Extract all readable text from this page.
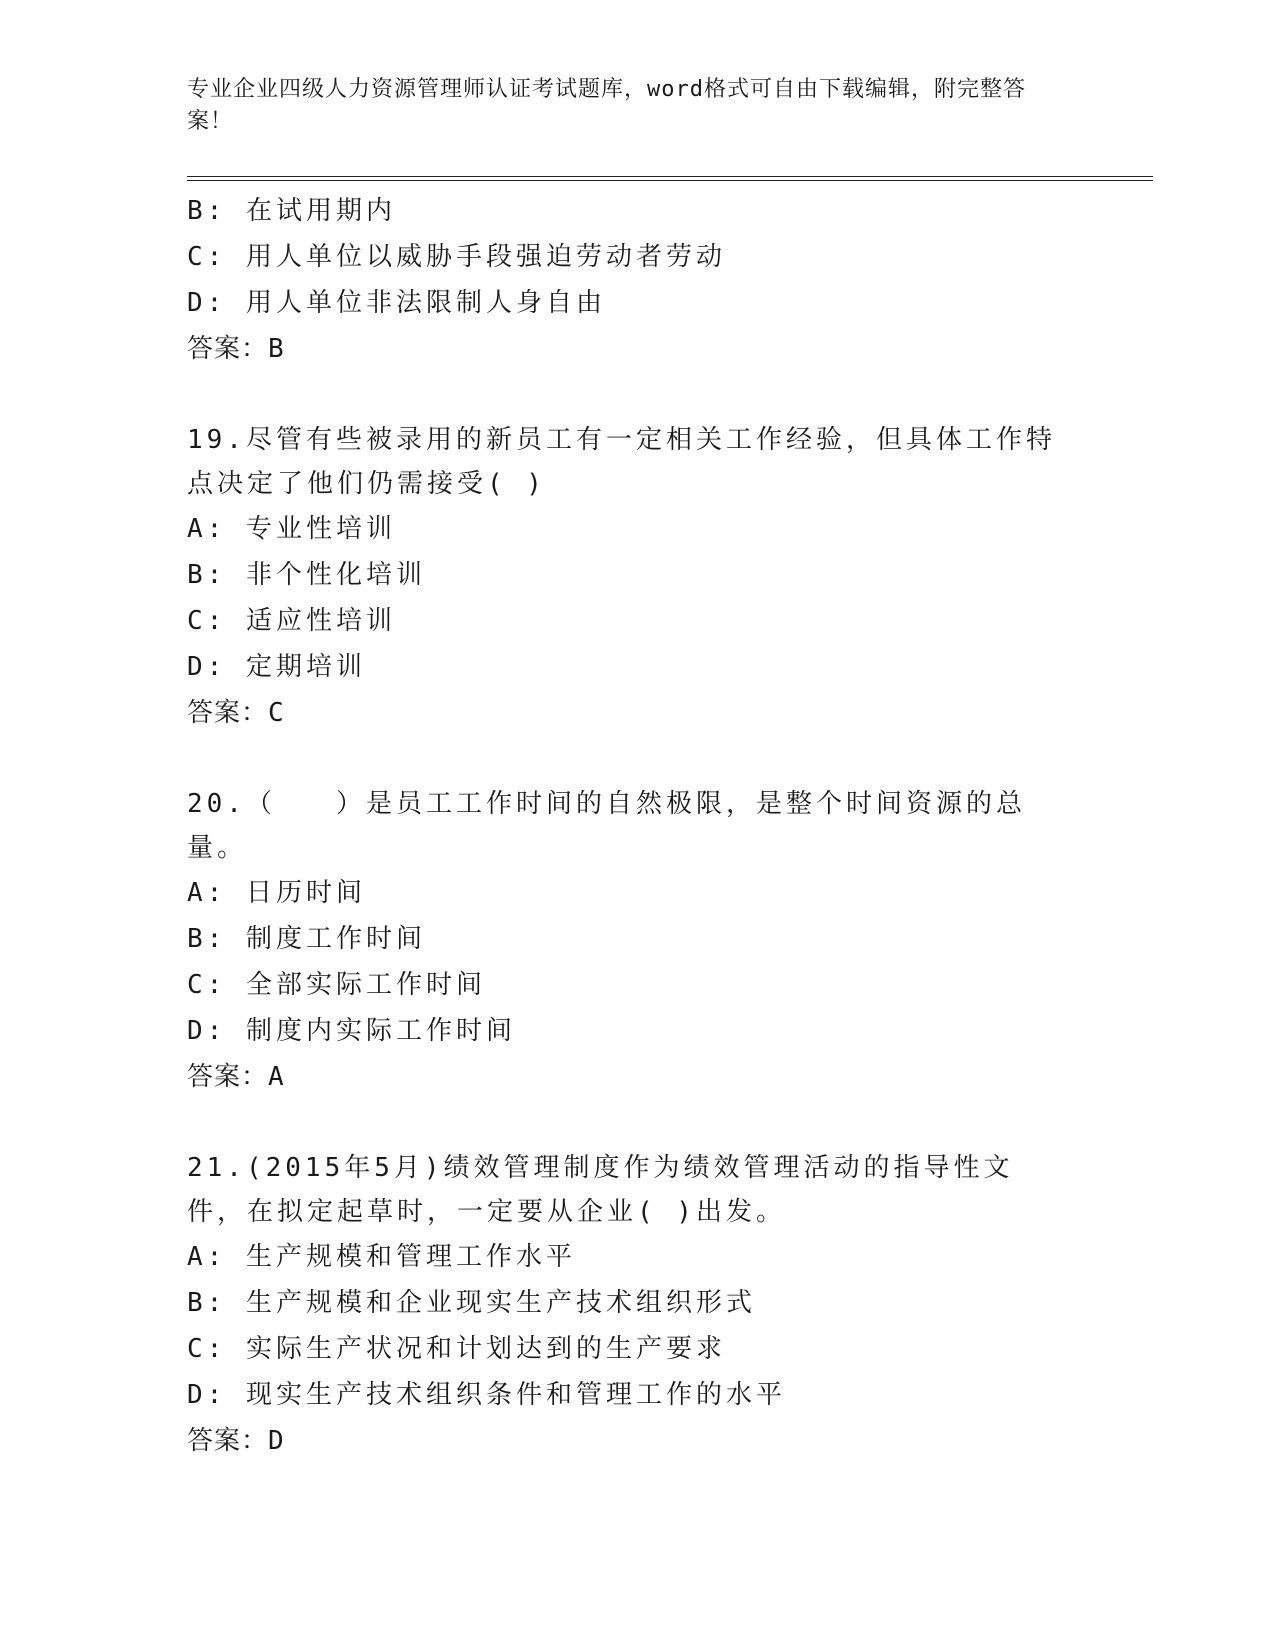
专业企业四级人力资源管理师认证考试题库，word格式可自由下载编辑，附完整答案！
B: 在试用期内
C: 用人单位以威胁手段强迫劳动者劳动
D: 用人单位非法限制人身自由
答案：B
19.尽管有些被录用的新员工有一定相关工作经验，但具体工作特点决定了他们仍需接受( )
A: 专业性培训
B: 非个性化培训
C: 适应性培训
D: 定期培训
答案：C
20.（　　）是员工工作时间的自然极限，是整个时间资源的总量。
A: 日历时间
B: 制度工作时间
C: 全部实际工作时间
D: 制度内实际工作时间
答案：A
21.(2015年5月)绩效管理制度作为绩效管理活动的指导性文件，在拟定起草时，一定要从企业( )出发。
A: 生产规模和管理工作水平
B: 生产规模和企业现实生产技术组织形式
C: 实际生产状况和计划达到的生产要求
D: 现实生产技术组织条件和管理工作的水平
答案：D
